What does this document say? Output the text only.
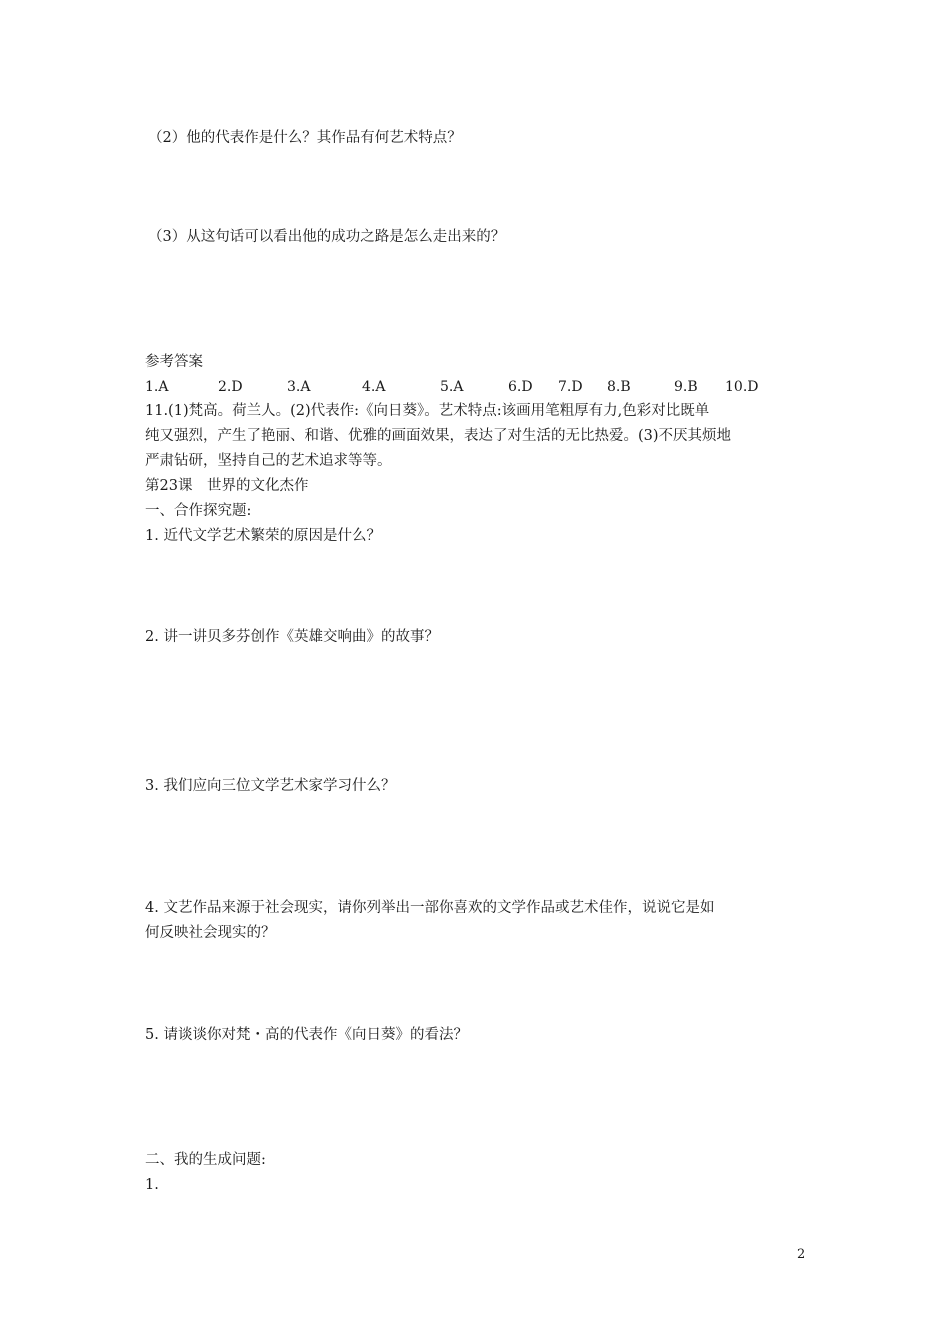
（2）他的代表作是什么？其作品有何艺术特点？
（3）从这句话可以看出他的成功之路是怎么走出来的？
参考答案
1.A	2.D	3.A	4.A	5.A	6.D 7.D 8.B	9.B 10.D
11.(1)梵高。荷兰人。(2)代表作:《向日葵》。艺术特点:该画用笔粗厚有力,色彩对比既单
纯又强烈，产生了艳丽、和谐、优雅的画面效果，表达了对生活的无比热爱。(3)不厌其烦地
严肃钻研，坚持自己的艺术追求等等。
第23课　世界的文化杰作
一、合作探究题:
1. 近代文学艺术繁荣的原因是什么？
2. 讲一讲贝多芬创作《英雄交响曲》的故事？
3. 我们应向三位文学艺术家学习什么？
4. 文艺作品来源于社会现实，请你列举出一部你喜欢的文学作品或艺术佳作，说说它是如
何反映社会现实的？
5. 请谈谈你对梵・高的代表作《向日葵》的看法？
二、我的生成问题:
1.
2
